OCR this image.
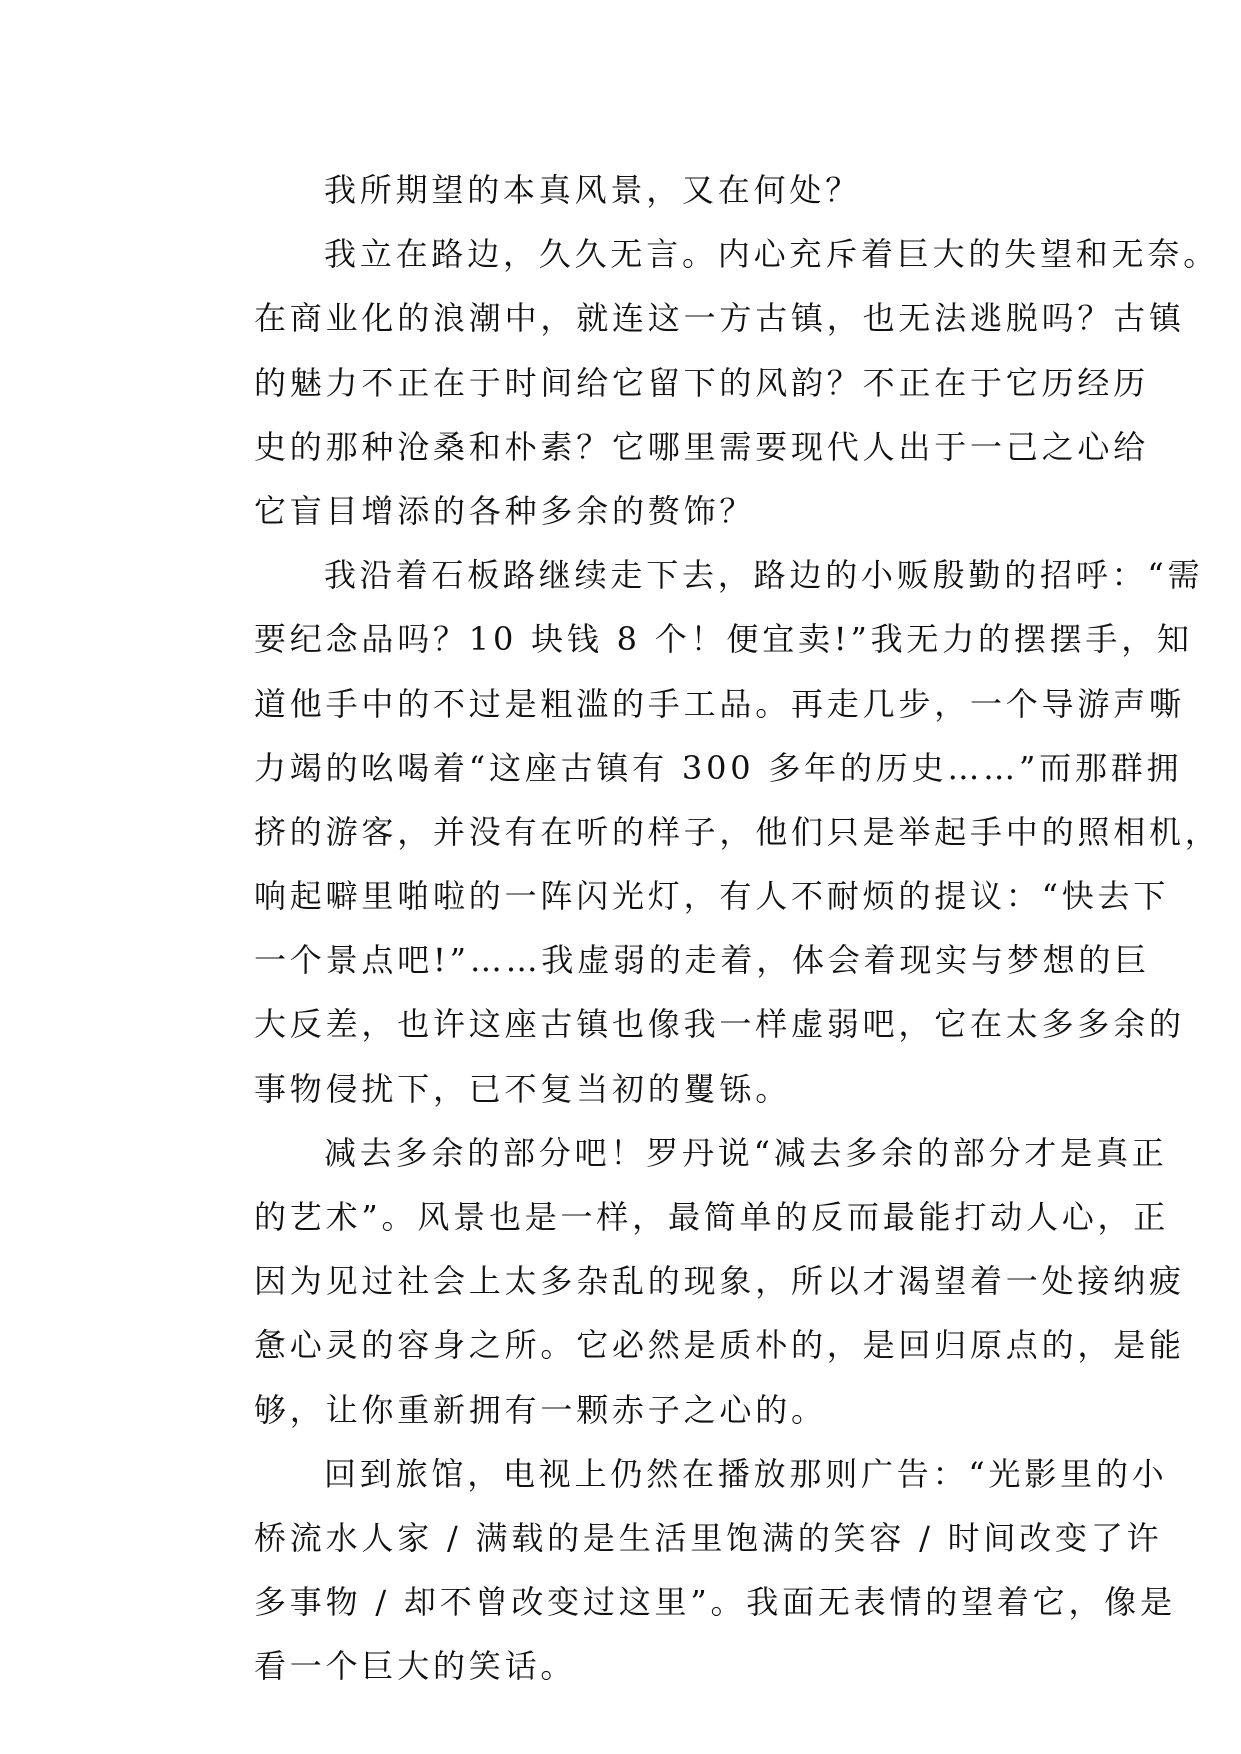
我所期望的本真风景，又在何处？
我立在路边，久久无言。内心充斥着巨大的失望和无奈。
在商业化的浪潮中，就连这一方古镇，也无法逃脱吗？古镇
的魅力不正在于时间给它留下的风韵？不正在于它历经历
史的那种沧桑和朴素？它哪里需要现代人出于一己之心给
它盲目增添的各种多余的赘饰？
我沿着石板路继续走下去，路边的小贩殷勤的招呼：“需
要纪念品吗？10 块钱 8 个！便宜卖!”我无力的摆摆手，知
道他手中的不过是粗滥的手工品。再走几步，一个导游声嘶
力竭的吆喝着“这座古镇有 300 多年的历史……”而那群拥
挤的游客，并没有在听的样子，他们只是举起手中的照相机，
响起噼里啪啦的一阵闪光灯，有人不耐烦的提议：“快去下
一个景点吧!”……我虚弱的走着，体会着现实与梦想的巨
大反差，也许这座古镇也像我一样虚弱吧，它在太多多余的
事物侵扰下，已不复当初的矍铄。
减去多余的部分吧！罗丹说“减去多余的部分才是真正
的艺术”。风景也是一样，最简单的反而最能打动人心，正
因为见过社会上太多杂乱的现象，所以才渴望着一处接纳疲
惫心灵的容身之所。它必然是质朴的，是回归原点的，是能
够，让你重新拥有一颗赤子之心的。
回到旅馆，电视上仍然在播放那则广告：“光影里的小
桥流水人家 / 满载的是生活里饱满的笑容 / 时间改变了许
多事物 / 却不曾改变过这里”。我面无表情的望着它，像是
看一个巨大的笑话。
